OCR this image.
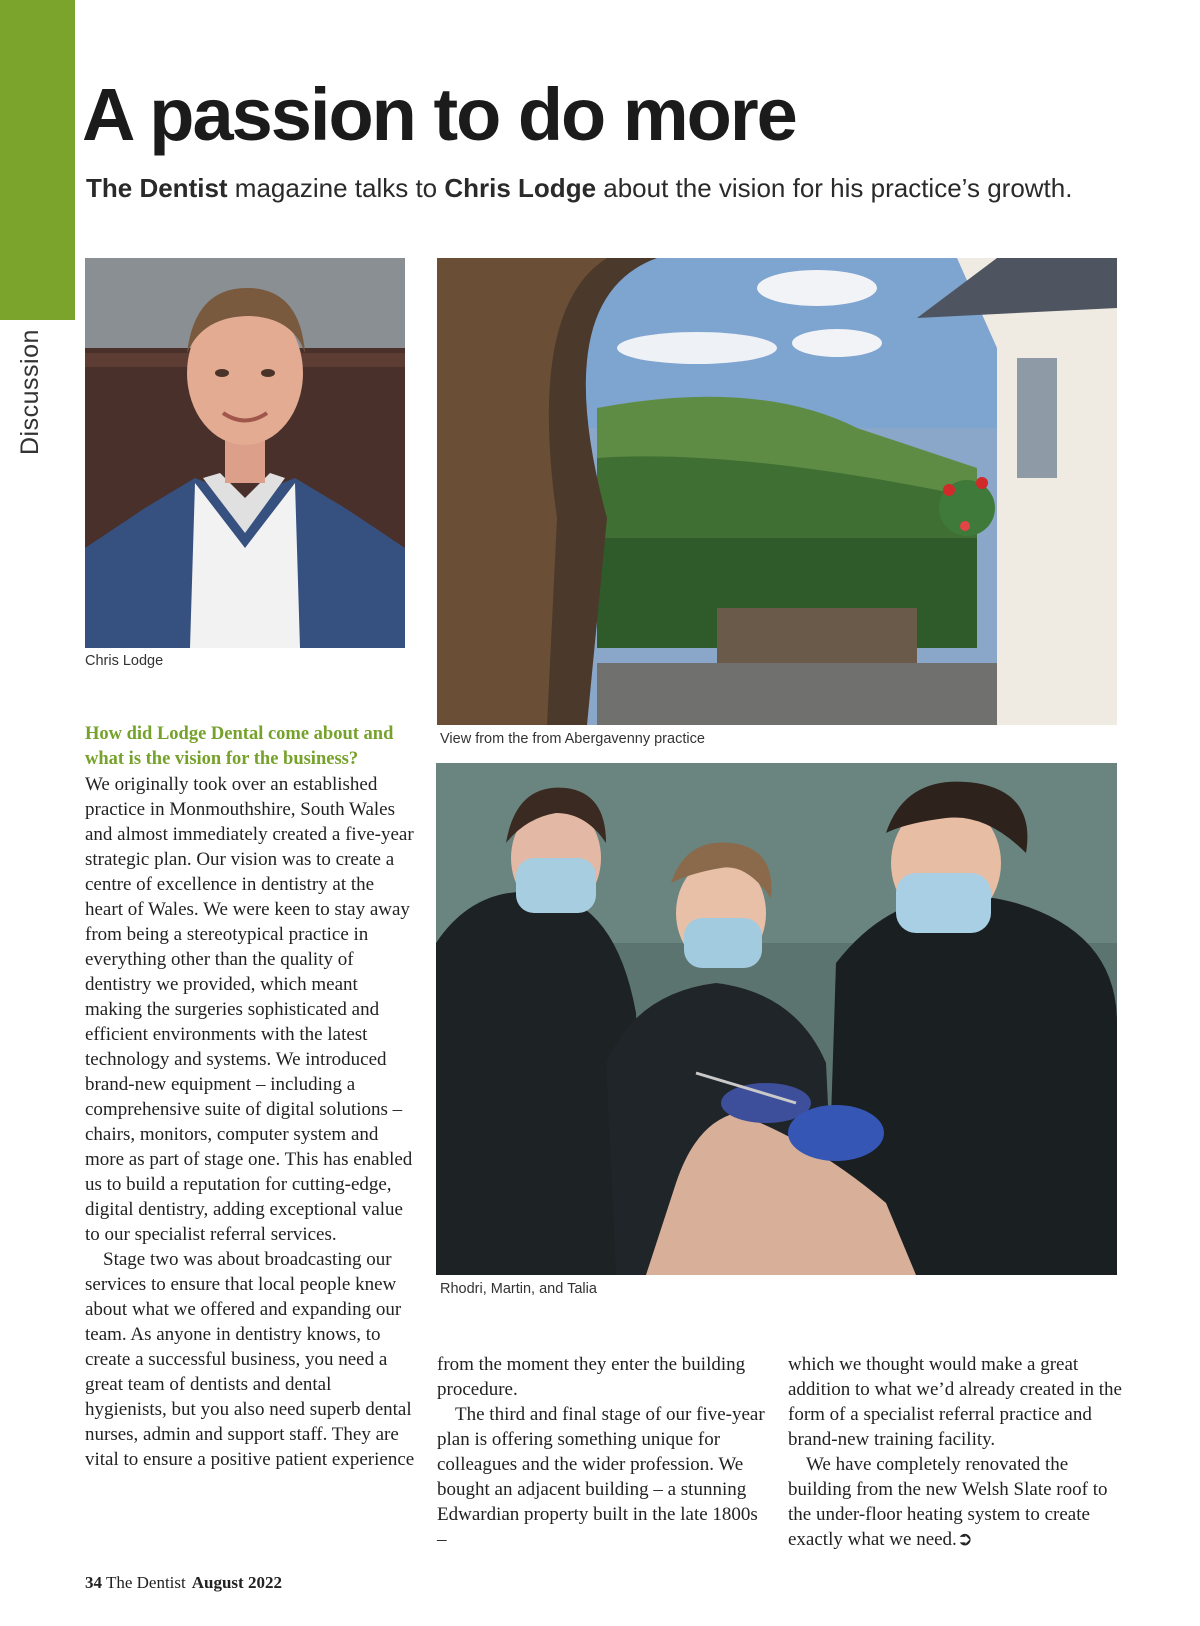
Discussion
A passion to do more
The Dentist magazine talks to Chris Lodge about the vision for his practice’s growth.
Chris Lodge
View from the from Abergavenny practice
Rhodri, Martin, and Talia

How did Lodge Dental come about and what is the vision for the business?

We originally took over an established practice in Monmouthshire, South Wales and almost immediately created a five-year strategic plan. Our vision was to create a centre of excellence in dentistry at the heart of Wales. We were keen to stay away from being a stereotypical practice in everything other than the quality of dentistry we provided, which meant making the surgeries sophisticated and efficient environments with the latest technology and systems. We introduced brand-new equipment – including a comprehensive suite of digital solutions – chairs, monitors, computer system and more as part of stage one. This has enabled us to build a reputation for cutting-edge, digital dentistry, adding exceptional value to our specialist referral services.

Stage two was about broadcasting our services to ensure that local people knew about what we offered and expanding our team. As anyone in dentistry knows, to create a successful business, you need a great team of dentists and dental hygienists, but you also need superb dental nurses, admin and support staff. They are vital to ensure a positive patient experience

from the moment they enter the building procedure.

The third and final stage of our five-year plan is offering something unique for colleagues and the wider profession. We bought an adjacent building – a stunning Edwardian property built in the late 1800s –

which we thought would make a great addition to what we’d already created in the form of a specialist referral practice and brand-new training facility.

We have completely renovated the building from the new Welsh Slate roof to the under-floor heating system to create exactly what we need.➲

34 The Dentist August 2022
